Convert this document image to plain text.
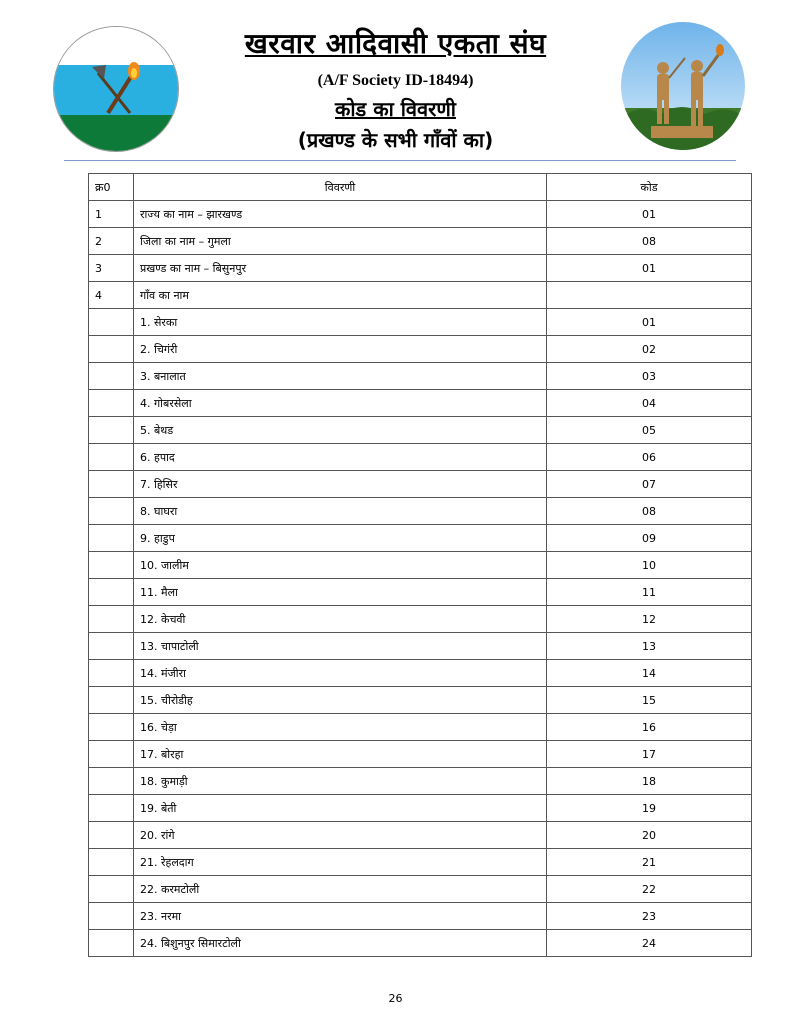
खरवार आदिवासी एकता संघ
(A/F Society ID-18494)
कोड का विवरणी
(प्रखण्ड के सभी गाँवों का)
क्र0	विवरणी	कोड
1	राज्य का नाम – झारखण्ड	01
2	जिला का नाम – गुमला	08
3	प्रखण्ड का नाम – बिसुनपुर	01
4	गाँव का नाम	
	1. सेरका	01
	2. चिगंरी	02
	3. बनालात	03
	4. गोबरसेला	04
	5. बेथड	05
	6. हपाद	06
	7. हिसिर	07
	8. घाघरा	08
	9. हाडुप	09
	10. जालीम	10
	11. मैला	11
	12. केचवी	12
	13. चापाटोली	13
	14. मंजीरा	14
	15. चीरोडीह	15
	16. चेड़ा	16
	17. बोरहा	17
	18. कुमाड़ी	18
	19. बेती	19
	20. रांगे	20
	21. रेहलदाग	21
	22. करमटोली	22
	23. नरमा	23
	24. बिशुनपुर सिमारटोली	24
26
